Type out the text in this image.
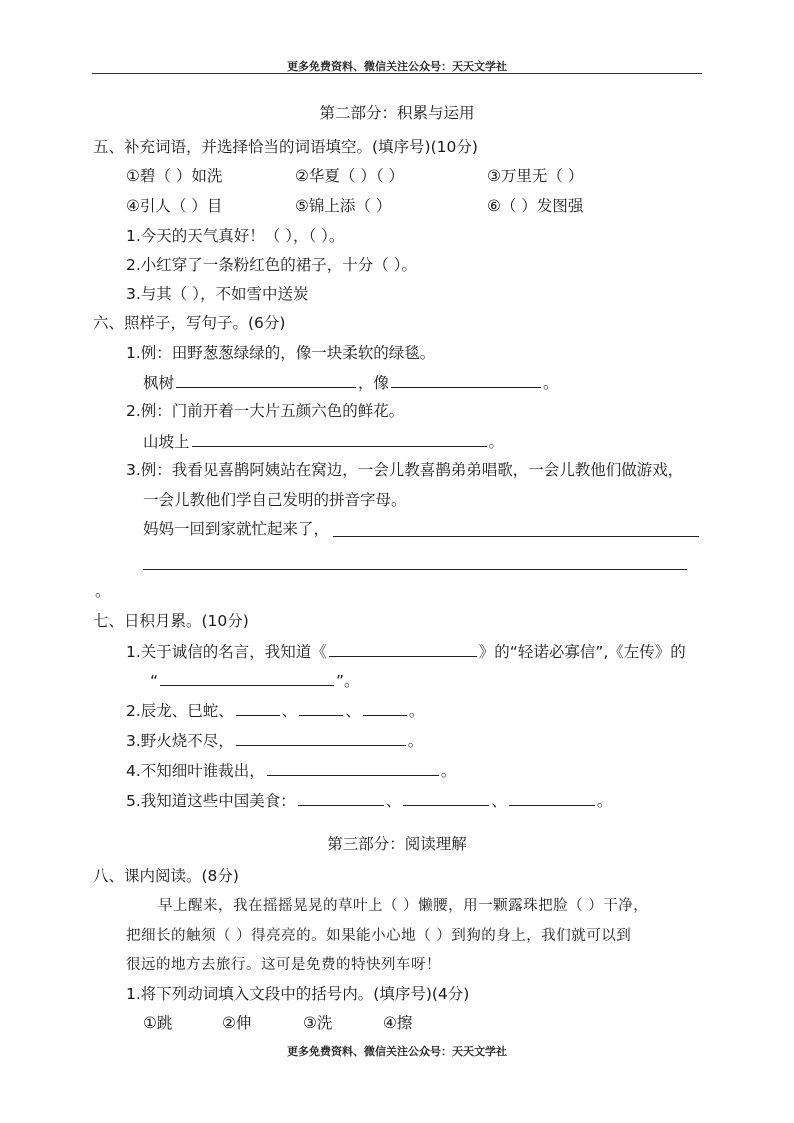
更多免费资料、微信关注公众号：天天文学社
第二部分：积累与运用
五、补充词语，并选择恰当的词语填空。(填序号)(10分)
①碧（ ）如洗	②华夏（ ）（ ）	③万里无（ ）
④引人（ ）目	⑤锦上添（ ）	⑥（ ）发图强
1.今天的天气真好！（ ），（ ）。
2.小红穿了一条粉红色的裙子，十分（ ）。
3.与其（ ），不如雪中送炭
六、照样子，写句子。(6分)
1.例：田野葱葱绿绿的，像一块柔软的绿毯。
枫树	，像	。
2.例：门前开着一大片五颜六色的鲜花。
山坡上	。
3.例：我看见喜鹊阿姨站在窝边，一会儿教喜鹊弟弟唱歌，一会儿教他们做游戏，
一会儿教他们学自己发明的拼音字母。
妈妈一回到家就忙起来了，
。
七、日积月累。(10分)
1.关于诚信的名言，我知道《	》的“轻诺必寡信”,《左传》的
“	”。
2.辰龙、巳蛇、	、	、	。
3.野火烧不尽，	。
4.不知细叶谁裁出，	。
5.我知道这些中国美食：	、	、	。
第三部分：阅读理解
八、课内阅读。(8分)
早上醒来，我在摇摇晃晃的草叶上（ ）懒腰，用一颗露珠把脸（ ）干净，
把细长的触须（ ）得亮亮的。如果能小心地（ ）到狗的身上，我们就可以到
很远的地方去旅行。这可是免费的特快列车呀！
1.将下列动词填入文段中的括号内。(填序号)(4分)
①跳	②伸	③洗	④擦
更多免费资料、微信关注公众号：天天文学社
